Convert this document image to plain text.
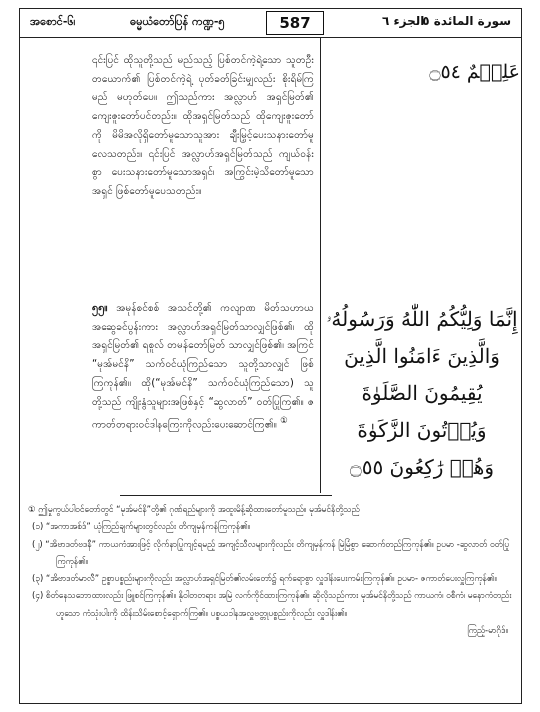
အစောင်-၆၊	ဓမ္မယံတော်ပြန် ကဏ္ဍ-၅	587	الجزء ٦
سورة المائدة ٥
عَلِيۡمٌ ۝٥٤
إِنَّمَا وَلِيُّكُمُ اللّٰهُ وَرَسُولُهُۥ
وَالَّذِينَ ءَامَنُوا الَّذِينَ
يُقِيمُونَ الصَّلَوٰةَ
وَيُؤۡتُونَ الزَّكَوٰةَ
وَهُمۡ رَٰكِعُونَ ۝٥٥

၎င်းပြင် ထိုသူတို့သည် မည်သည့် ပြစ်တင်ကဲ့ရဲ့သော သူတဦးတယောက်၏ ပြစ်တင်ကဲ့ရဲ့ ပုတ်ခတ်ခြင်းမျှလည်း စိုးရိမ်ကြမည် မဟုတ်ပေ။ ဤသည်ကား အလ္လာဟ် အရှင်မြတ်၏ ကျေးဇူးတော်ပင်တည်း။ ထိုအရှင်မြတ်သည် ထိုကျေးဇူးတော်ကို မိမိအလိုရှိတော်မူသောသူအား ချီးမြှင့်ပေးသနားတော်မူလေသတည်း။ ၎င်းပြင် အလ္လာဟ်အရှင်မြတ်သည် ကျယ်ဝန်းစွာ ပေးသနားတော်မူသောအရှင်၊ အကြွင်းမဲ့သိတော်မူသောအရှင် ဖြစ်တော်မူပေသတည်း။

၅၅။ အမုန်စင်စစ် အသင်တို့၏ ကလျာဏ မိတ်သဟာယ အဆွေခင်ပွန်းကား အလ္လာဟ်အရှင်မြတ်သာလျှင်ဖြစ်၏၊ ထိုအရှင်မြတ်၏ ရစူလ် တမန်တော်မြတ် သာလျှင်ဖြစ်၏၊ အကြင် “မုအ်မင်နိ” သက်ဝင်ယုံကြည်သော သူတို့သာလျှင် ဖြစ်ကြကုန်၏။ ထို(“မုအ်မင်နိ” သက်ဝင်ယုံကြည်သော) သူတို့သည် ကျိုးနွံသူများအဖြစ်နှင့် “ဆွလာတ်” ဝတ်ပြုကြ၏။ ဇကာတ်တရားဝင်ဒါနကြေးကိုလည်းပေးဆောင်ကြ၏။ ①

① ဤမှုကွယ်ပါဝင်တော်တွင် “မုအ်မင်နိ”တို့၏ ဂုဏ်ရည်များကို အထူးမိန့်ဆိုထားတော်မူသည်။ မုအ်မင်နိတို့သည်

(၁) “အကာအစ်ဒ်” ယုံကြည်ချက်များတွင်လည်း တိကျမှန်ကန်ကြကုန်၏။

(၂) “အိဗာဒတ်ဗဒနီ” ကာယကံအားဖြင့် လိုက်နာပြုကျင့်ရမည့် အကျင့်သီလများကိုလည်း တိကျမှန်ကန် မြဲမြံစွာ ဆောက်တည်ကြကုန်၏။ ဥပမာ -ဆွလာတ် ဝတ်ပြုကြကုန်၏။

(၃) “အိဗာဒတ်မာလီ” ဥစ္စာပစ္စည်းများကိုလည်း အလ္လာဟ်အရှင်မြတ်၏လမ်းတော်၌ ရက်ရောစွာ လှူဒါန်းပေးကမ်းကြကုန်၏။ ဥပမာ- ဇကာတ်ပေးလှူကြကုန်၏။

(၄) စိတ်နေသဘောထားလည်း ဖြူစင်ကြကုန်၏။ နိုဝါတတရား အမြဲ လက်ကိုင်ထားကြကုန်၏။ ဆိုလိုသည်ကား မုအ်မင်နိတို့သည် ကာယကံ၊ ဝစီကံ၊ မနောကံတည်းဟူသော ကံသုံးပါးကို ထိန်းသိမ်းစောင့်ရှောက်ကြ၏။ ပစ္စယ၁ါနအလှူဗတ္တုပစ္စည်းကိုလည်း လှူဒါန်း၏။

ကြည့်-မာဂိုဒ်။
